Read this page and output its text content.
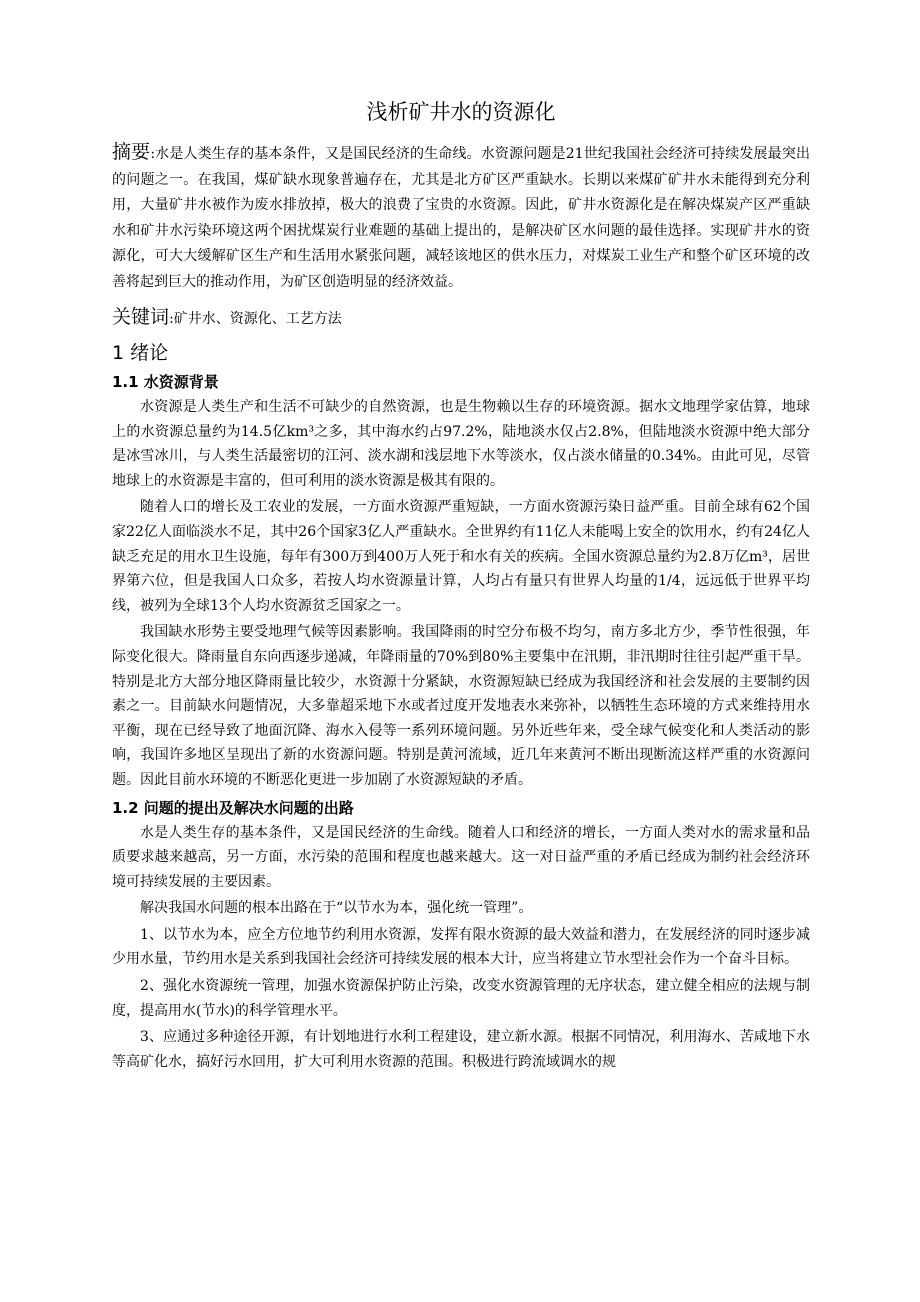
浅析矿井水的资源化
摘要:水是人类生存的基本条件，又是国民经济的生命线。水资源问题是21世纪我国社会经济可持续发展最突出的问题之一。在我国，煤矿缺水现象普遍存在，尤其是北方矿区严重缺水。长期以来煤矿矿井水未能得到充分利用，大量矿井水被作为废水排放掉，极大的浪费了宝贵的水资源。因此，矿井水资源化是在解决煤炭产区严重缺水和矿井水污染环境这两个困扰煤炭行业难题的基础上提出的，是解决矿区水问题的最佳选择。实现矿井水的资源化，可大大缓解矿区生产和生活用水紧张问题，减轻该地区的供水压力，对煤炭工业生产和整个矿区环境的改善将起到巨大的推动作用，为矿区创造明显的经济效益。
关键词:矿井水、资源化、工艺方法
1 绪论
1.1 水资源背景

水资源是人类生产和生活不可缺少的自然资源，也是生物赖以生存的环境资源。据水文地理学家估算，地球上的水资源总量约为14.5亿km³之多，其中海水约占97.2%，陆地淡水仅占2.8%，但陆地淡水资源中绝大部分是冰雪冰川，与人类生活最密切的江河、淡水湖和浅层地下水等淡水，仅占淡水储量的0.34%。由此可见，尽管地球上的水资源是丰富的，但可利用的淡水资源是极其有限的。

随着人口的增长及工农业的发展，一方面水资源严重短缺，一方面水资源污染日益严重。目前全球有62个国家22亿人面临淡水不足，其中26个国家3亿人严重缺水。全世界约有11亿人未能喝上安全的饮用水，约有24亿人缺乏充足的用水卫生设施，每年有300万到400万人死于和水有关的疾病。全国水资源总量约为2.8万亿m³，居世界第六位，但是我国人口众多，若按人均水资源量计算，人均占有量只有世界人均量的1/4，远远低于世界平均线，被列为全球13个人均水资源贫乏国家之一。

我国缺水形势主要受地理气候等因素影响。我国降雨的时空分布极不均匀，南方多北方少，季节性很强，年际变化很大。降雨量自东向西逐步递减，年降雨量的70%到80%主要集中在汛期，非汛期时往往引起严重干旱。特别是北方大部分地区降雨量比较少，水资源十分紧缺，水资源短缺已经成为我国经济和社会发展的主要制约因素之一。目前缺水问题情况，大多靠超采地下水或者过度开发地表水来弥补，以牺牲生态环境的方式来维持用水平衡，现在已经导致了地面沉降、海水入侵等一系列环境问题。另外近些年来，受全球气候变化和人类活动的影响，我国许多地区呈现出了新的水资源问题。特别是黄河流域，近几年来黄河不断出现断流这样严重的水资源问题。因此目前水环境的不断恶化更进一步加剧了水资源短缺的矛盾。

1.2 问题的提出及解决水问题的出路

水是人类生存的基本条件，又是国民经济的生命线。随着人口和经济的增长，一方面人类对水的需求量和品质要求越来越高，另一方面，水污染的范围和程度也越来越大。这一对日益严重的矛盾已经成为制约社会经济环境可持续发展的主要因素。

解决我国水问题的根本出路在于“以节水为本，强化统一管理”。

1、以节水为本，应全方位地节约利用水资源，发挥有限水资源的最大效益和潜力，在发展经济的同时逐步减少用水量，节约用水是关系到我国社会经济可持续发展的根本大计，应当将建立节水型社会作为一个奋斗目标。

2、强化水资源统一管理，加强水资源保护防止污染，改变水资源管理的无序状态，建立健全相应的法规与制度，提高用水(节水)的科学管理水平。

3、应通过多种途径开源，有计划地进行水利工程建设，建立新水源。根据不同情况，利用海水、苦咸地下水等高矿化水，搞好污水回用，扩大可利用水资源的范围。积极进行跨流域调水的规
